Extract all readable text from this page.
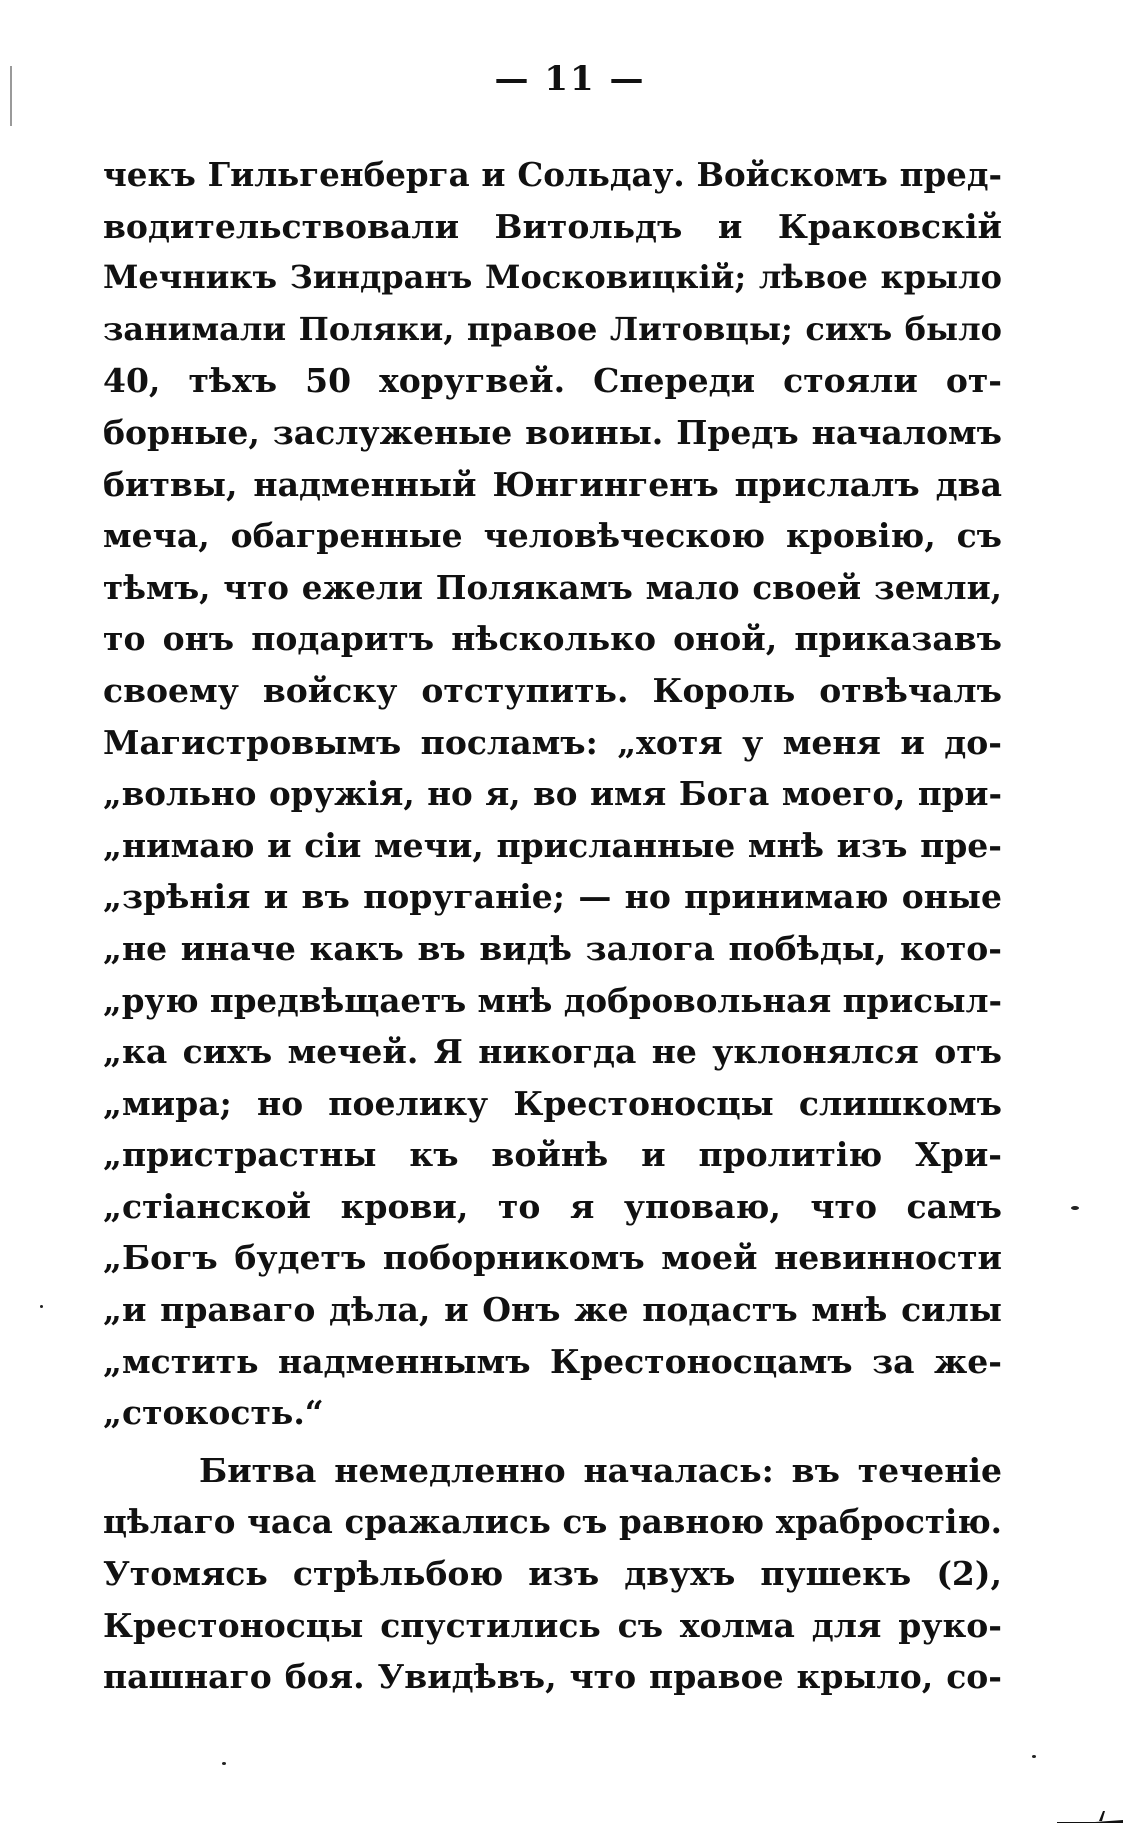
— 11 —
чекъ Гильгенберга и Сольдау. Войскомъ пред-
водительствовали Витольдъ и Краковскій
Мечникъ Зиндранъ Московицкій; лѣвое крыло
занимали Поляки, правое Литовцы; сихъ было
40, тѣхъ 50 хоругвей. Спереди стояли от-
борные, заслуженые воины. Предъ началомъ
битвы, надменный Юнгингенъ прислалъ два
меча, обагренные человѣческою кровію, съ
тѣмъ, что ежели Полякамъ мало своей земли,
то онъ подаритъ нѣсколько оной, приказавъ
своему войску отступить. Король отвѣчалъ
Магистровымъ посламъ: „хотя у меня и до-
„вольно оружія, но я, во имя Бога моего, при-
„нимаю и сіи мечи, присланные мнѣ изъ пре-
„зрѣнія и въ поруганіе; — но принимаю оные
„не иначе какъ въ видѣ залога побѣды, кото-
„рую предвѣщаетъ мнѣ добровольная присыл-
„ка сихъ мечей. Я никогда не уклонялся отъ
„мира; но поелику Крестоносцы слишкомъ
„пристрастны къ войнѣ и пролитію Хри-
„стіанской крови, то я уповаю, что самъ
„Богъ будетъ поборникомъ моей невинности
„и праваго дѣла, и Онъ же подастъ мнѣ силы
„мстить надменнымъ Крестоносцамъ за же-
„стокость.“
Битва немедленно началась: въ теченіе
цѣлаго часа сражались съ равною храбростію.
Утомясь стрѣльбою изъ двухъ пушекъ (2),
Крестоносцы спустились съ холма для руко-
пашнаго боя. Увидѣвъ, что правое крыло, со-
